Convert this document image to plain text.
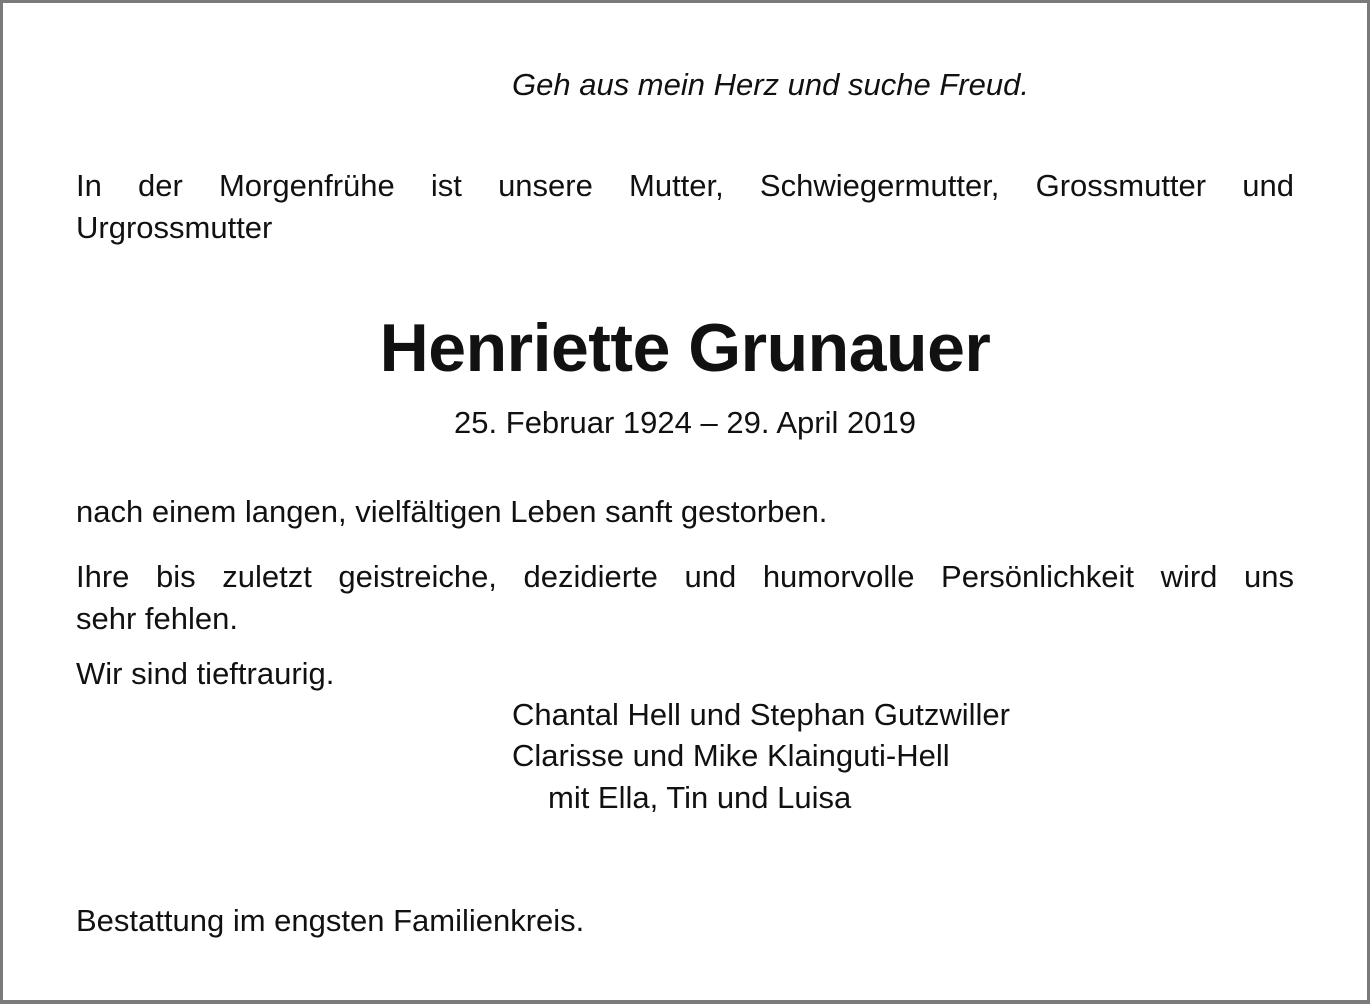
Geh aus mein Herz und suche Freud.

In der Morgenfrühe ist unsere Mutter, Schwiegermutter, Grossmutter und
Urgrossmutter

Henriette Grunauer

25. Februar 1924 – 29. April 2019

nach einem langen, vielfältigen Leben sanft gestorben.

Ihre bis zuletzt geistreiche, dezidierte und humorvolle Persönlichkeit wird uns
sehr fehlen.

Wir sind tieftraurig.

Chantal Hell und Stephan Gutzwiller

Clarisse und Mike Klainguti-Hell

mit Ella, Tin und Luisa

Bestattung im engsten Familienkreis.
